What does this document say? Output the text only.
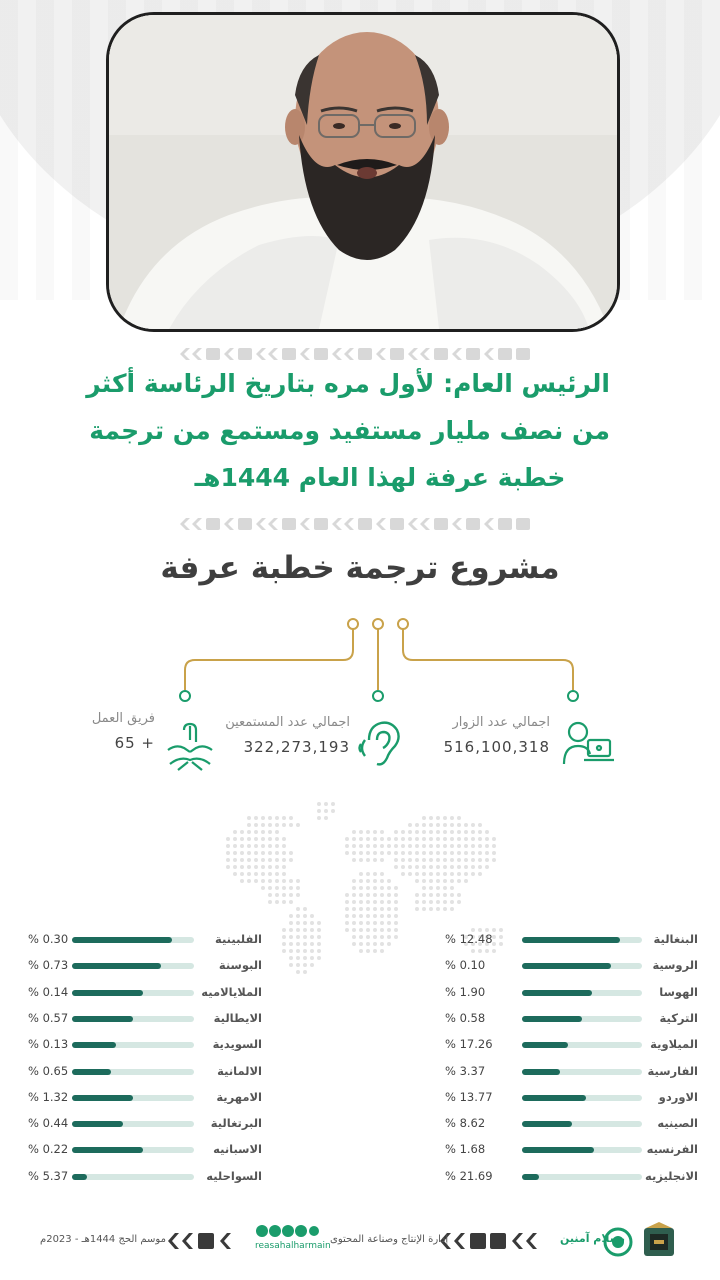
الرئيس العام: لأول مره بتاريخ الرئاسة أكثر
من نصف مليار مستفيد ومستمع من ترجمة
خطبة عرفة لهذا العام 1444هـ
مشروع ترجمة خطبة عرفة
اجمالي عدد الزوار
516,100,318
اجمالي عدد المستمعين
322,273,193
فريق العمل
+ 65
البنغالية
% 12.48
الروسية
% 0.10
الهوسا
% 1.90
التركية
% 0.58
الميلاوية
% 17.26
الفارسية
% 3.37
الاوردو
% 13.77
الصينيه
% 8.62
الفرنسيه
% 1.68
الانجليزيه
% 21.69
الفلبينية
% 0.30
البوسنة
% 0.73
الملايالاميه
% 0.14
الايطالية
% 0.57
السويدية
% 0.13
الالمانية
% 0.65
الامهرية
% 1.32
البرتغالية
% 0.44
الاسبانيه
% 0.22
السواحليه
% 5.37
بسلام آمنين
إدارة الإنتاج وصناعة المحتوى
reasahalharmain
موسم الحج 1444هـ - 2023م
